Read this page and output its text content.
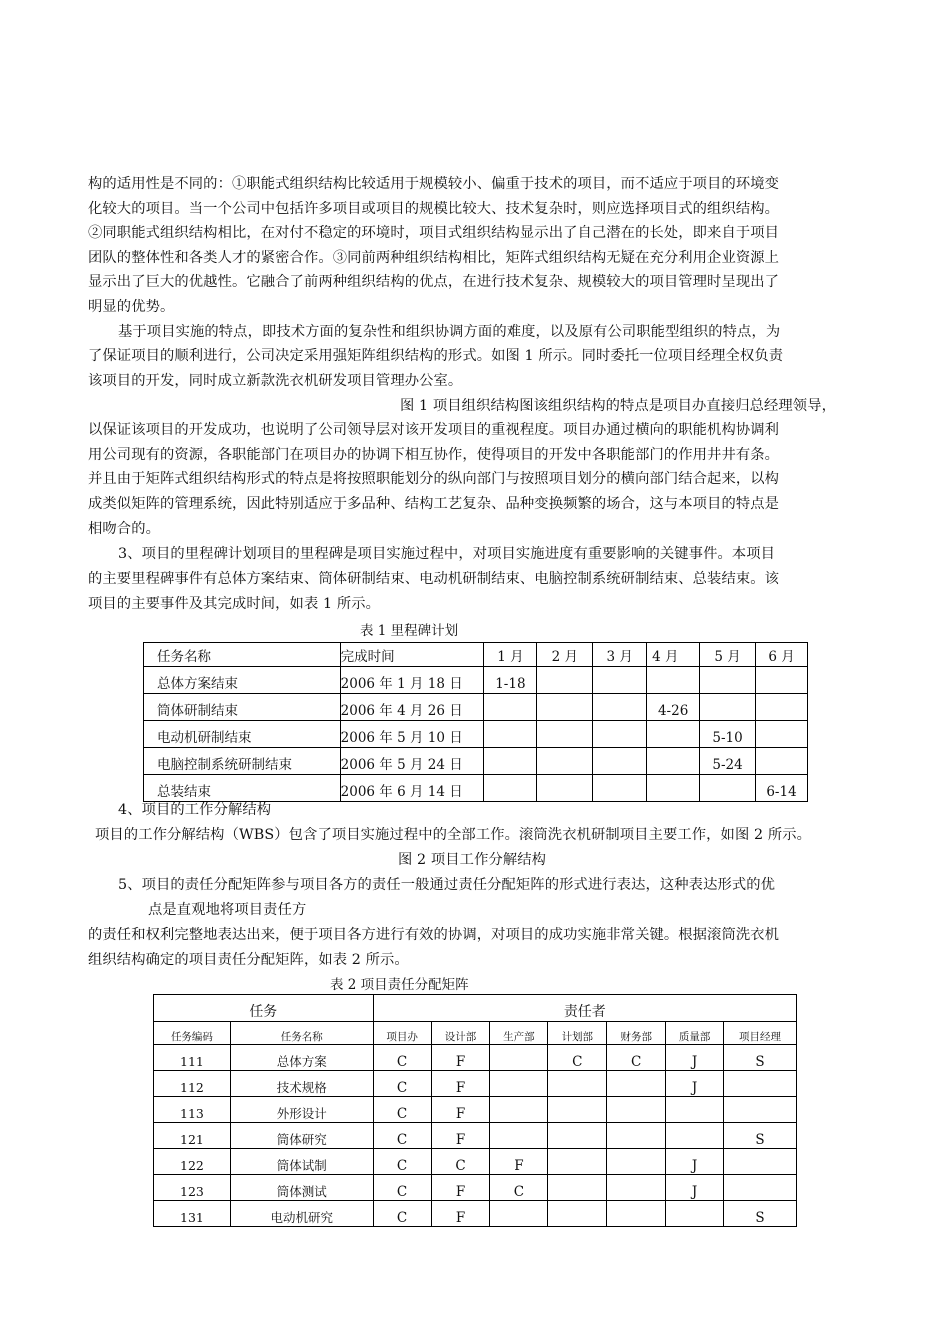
构的适用性是不同的：①职能式组织结构比较适用于规模较小、偏重于技术的项目，而不适应于项目的环境变
化较大的项目。当一个公司中包括许多项目或项目的规模比较大、技术复杂时，则应选择项目式的组织结构。
②同职能式组织结构相比，在对付不稳定的环境时，项目式组织结构显示出了自己潜在的长处，即来自于项目
团队的整体性和各类人才的紧密合作。③同前两种组织结构相比，矩阵式组织结构无疑在充分利用企业资源上
显示出了巨大的优越性。它融合了前两种组织结构的优点，在进行技术复杂、规模较大的项目管理时呈现出了
明显的优势。
基于项目实施的特点，即技术方面的复杂性和组织协调方面的难度，以及原有公司职能型组织的特点，为
了保证项目的顺利进行，公司决定采用强矩阵组织结构的形式。如图 1 所示。同时委托一位项目经理全权负责
该项目的开发，同时成立新款洗衣机研发项目管理办公室。
图 1 项目组织结构图该组织结构的特点是项目办直接归总经理领导，
以保证该项目的开发成功，也说明了公司领导层对该开发项目的重视程度。项目办通过横向的职能机构协调利
用公司现有的资源，各职能部门在项目办的协调下相互协作，使得项目的开发中各职能部门的作用井井有条。
并且由于矩阵式组织结构形式的特点是将按照职能划分的纵向部门与按照项目划分的横向部门结合起来，以构
成类似矩阵的管理系统，因此特别适应于多品种、结构工艺复杂、品种变换频繁的场合，这与本项目的特点是
相吻合的。
3、项目的里程碑计划项目的里程碑是项目实施过程中，对项目实施进度有重要影响的关键事件。本项目
的主要里程碑事件有总体方案结束、筒体研制结束、电动机研制结束、电脑控制系统研制结束、总装结束。该
项目的主要事件及其完成时间，如表 1 所示。
表 1 里程碑计划
任务名称	完成时间	1 月	2 月	3 月	4 月	5 月	6 月
总体方案结束	2006 年 1 月 18 日	1-18					
筒体研制结束	2006 年 4 月 26 日				4-26		
电动机研制结束	2006 年 5 月 10 日					5-10	
电脑控制系统研制结束	2006 年 5 月 24 日					5-24	
总装结束	2006 年 6 月 14 日						6-14
4、项目的工作分解结构
项目的工作分解结构（WBS）包含了项目实施过程中的全部工作。滚筒洗衣机研制项目主要工作，如图 2 所示。
图 2 项目工作分解结构
5、项目的责任分配矩阵参与项目各方的责任一般通过责任分配矩阵的形式进行表达，这种表达形式的优
点是直观地将项目责任方
的责任和权利完整地表达出来，便于项目各方进行有效的协调，对项目的成功实施非常关键。根据滚筒洗衣机
组织结构确定的项目责任分配矩阵，如表 2 所示。
表 2 项目责任分配矩阵
任务		责任者						
任务编码	任务名称	项目办	设计部	生产部	计划部	财务部	质量部	项目经理
111	总体方案	C	F		C	C	J	S
112	技术规格	C	F				J	
113	外形设计	C	F					
121	筒体研究	C	F					S
122	筒体试制	C	C	F			J	
123	筒体测试	C	F	C			J	
131	电动机研究	C	F					S
